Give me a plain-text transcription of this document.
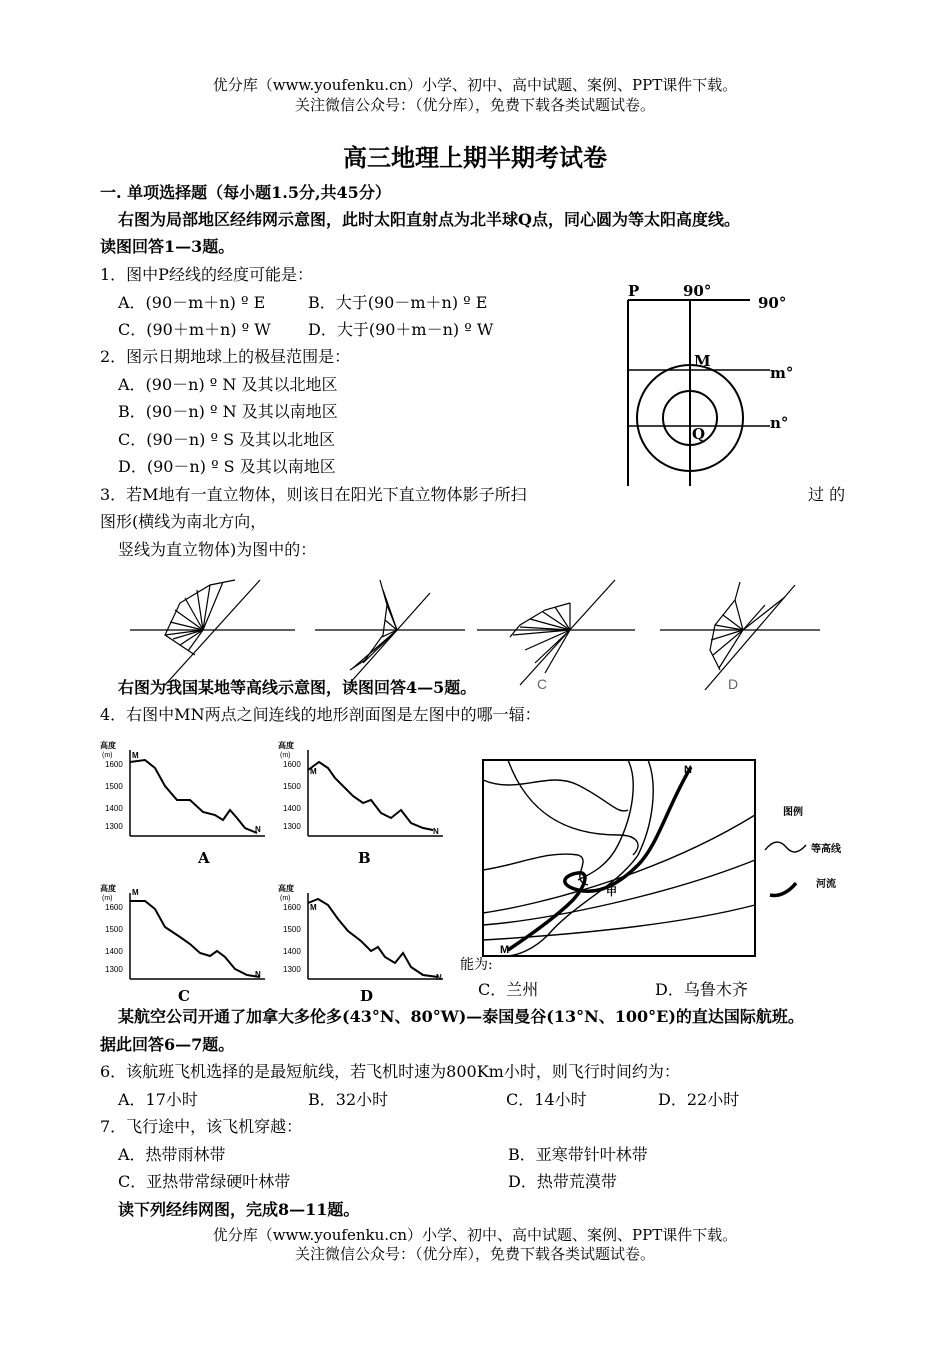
优分库（www.youfenku.cn）小学、初中、高中试题、案例、PPT课件下载。
关注微信公众号：（优分库），免费下载各类试题试卷。
高三地理上期半期考试卷
一. 单项选择题（每小题1.5分,共45分）
右图为局部地区经纬网示意图，此时太阳直射点为北半球Q点，同心圆为等太阳高度线。
读图回答1—3题。
1．图中P经线的经度可能是：
A．(90－m＋n) º E	B．大于(90－m＋n) º E
C．(90＋m＋n) º W D．大于(90＋m－n) º W
2．图示日期地球上的极昼范围是：
A．(90－n) º N 及其以北地区
B．(90－n) º N 及其以南地区
C．(90－n) º S 及其以北地区
D．(90－n) º S 及其以南地区
3．若M地有一直立物体，则该日在阳光下直立物体影子所扫	过 的
图形(横线为南北方向，
竖线为直立物体)为图中的：
P	90°
90°
M
m°
n°
Q
C	D
右图为我国某地等高线示意图，读图回答4—5题。
4．右图中MN两点之间连线的地形剖面图是左图中的哪一辐：
高度
(m)
1600
1500
1400
1300
M
N
A
高度
(m)
1600
1500
1400
1300
M
N
B
高度
(m)
1600
1500
1400
1300
M
N
C
高度
(m)
1600
1500
1400
1300
M
N
D
N
M
甲
图例
等高线
河流
能为:
C．兰州	D．乌鲁木齐
某航空公司开通了加拿大多伦多(43°N、80°W)—泰国曼谷(13°N、100°E)的直达国际航班。
据此回答6—7题。
6．该航班飞机选择的是最短航线，若飞机时速为800Km小时，则飞行时间约为：
A．17小时	B．32小时	C．14小时	D．22小时
7．飞行途中，该飞机穿越：
A．热带雨林带	B．亚寒带针叶林带
C．亚热带常绿硬叶林带	D．热带荒漠带
读下列经纬网图，完成8—11题。
优分库（www.youfenku.cn）小学、初中、高中试题、案例、PPT课件下载。
关注微信公众号：（优分库），免费下载各类试题试卷。
